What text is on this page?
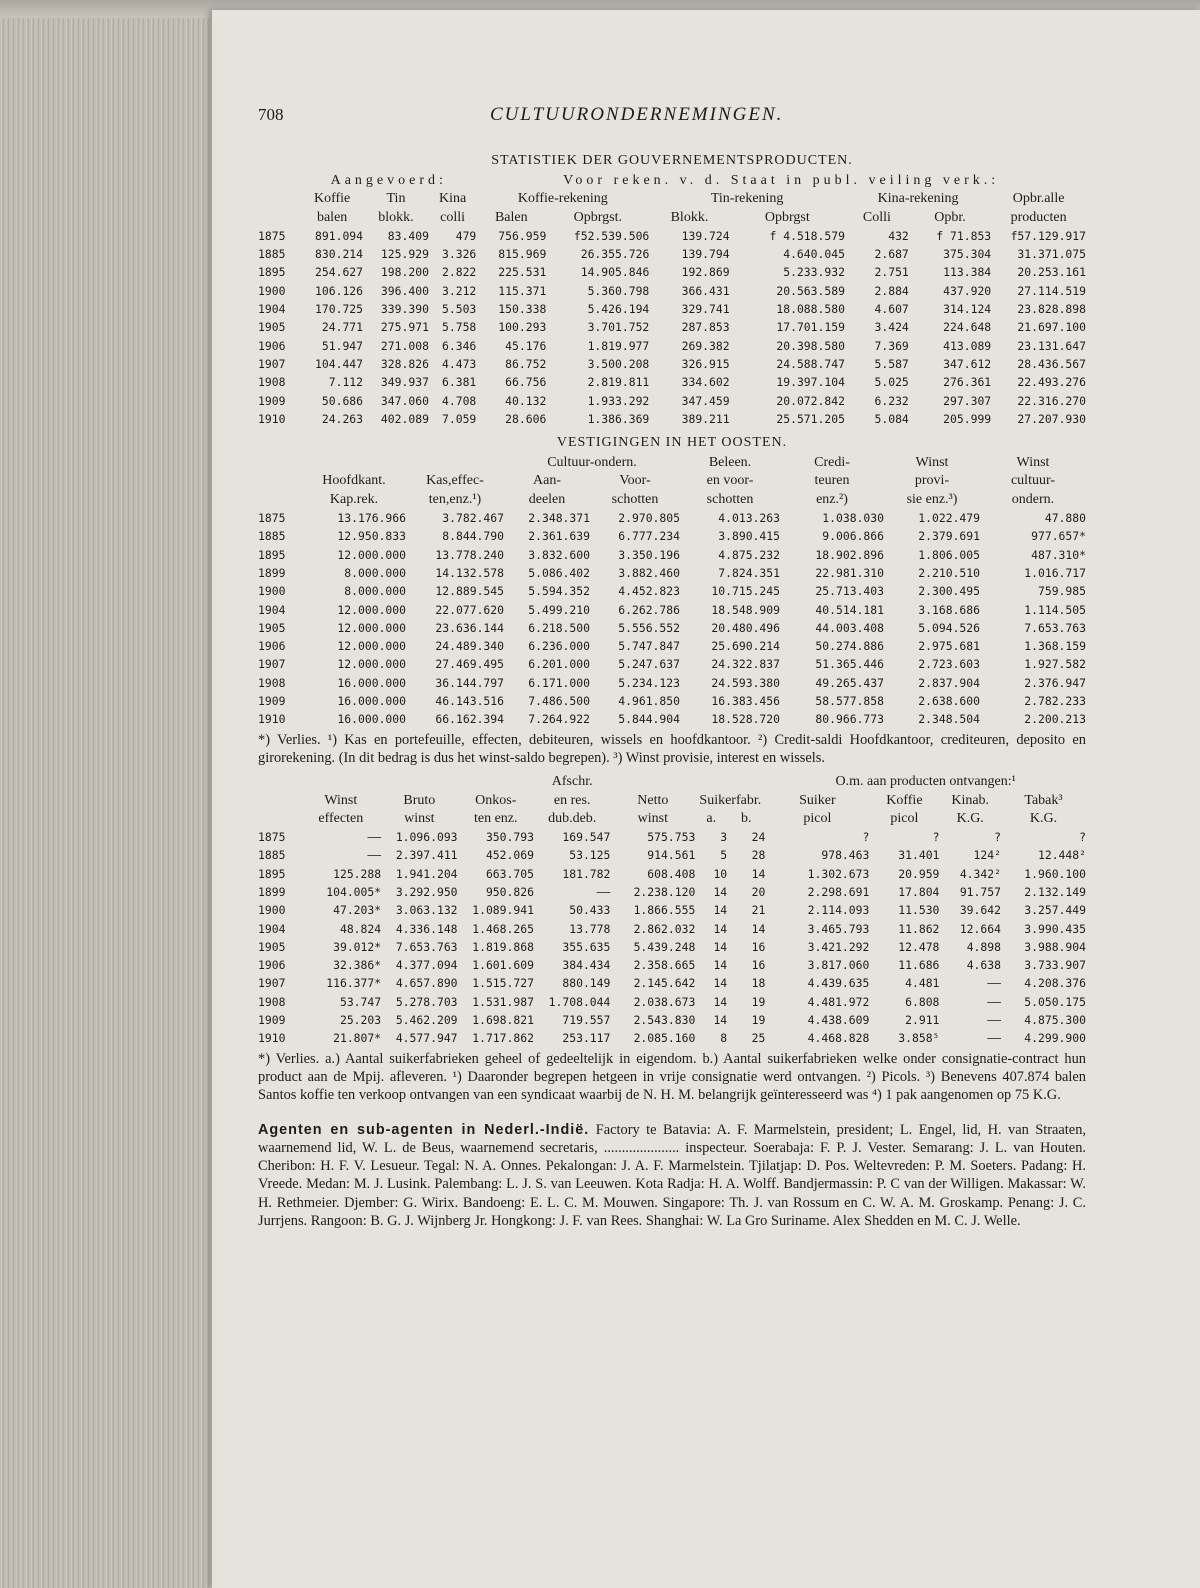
708	CULTUURONDERNEMINGEN.
STATISTIEK DER GOUVERNEMENTSPRODUCTEN.
	Aangevoerd:			Voor reken. v. d. Staat in publ. veiling verk.:						
	Koffie	Tin	Kina	Koffie-rekening		Tin-rekening		Kina-rekening		Opbr.alle
	balen	blokk.	colli	Balen	Opbrgst.	Blokk.	Opbrgst	Colli	Opbr.	producten
1875	891.094	83.409	479	756.959	f52.539.506	139.724	f 4.518.579	432	f 71.853	f57.129.917
1885	830.214	125.929	3.326	815.969	26.355.726	139.794	4.640.045	2.687	375.304	31.371.075
1895	254.627	198.200	2.822	225.531	14.905.846	192.869	5.233.932	2.751	113.384	20.253.161
1900	106.126	396.400	3.212	115.371	5.360.798	366.431	20.563.589	2.884	437.920	27.114.519
1904	170.725	339.390	5.503	150.338	5.426.194	329.741	18.088.580	4.607	314.124	23.828.898
1905	24.771	275.971	5.758	100.293	3.701.752	287.853	17.701.159	3.424	224.648	21.697.100
1906	51.947	271.008	6.346	45.176	1.819.977	269.382	20.398.580	7.369	413.089	23.131.647
1907	104.447	328.826	4.473	86.752	3.500.208	326.915	24.588.747	5.587	347.612	28.436.567
1908	7.112	349.937	6.381	66.756	2.819.811	334.602	19.397.104	5.025	276.361	22.493.276
1909	50.686	347.060	4.708	40.132	1.933.292	347.459	20.072.842	6.232	297.307	22.316.270
1910	24.263	402.089	7.059	28.606	1.386.369	389.211	25.571.205	5.084	205.999	27.207.930
VESTIGINGEN IN HET OOSTEN.
			Cultuur-ondern.		Beleen.	Credi-	Winst	Winst
	Hoofdkant.	Kas,effec-	Aan-	Voor-	en voor-	teuren	provi-	cultuur-
	Kap.rek.	ten,enz.¹)	deelen	schotten	schotten	enz.²)	sie enz.³)	ondern.
1875	13.176.966	3.782.467	2.348.371	2.970.805	4.013.263	1.038.030	1.022.479	47.880
1885	12.950.833	8.844.790	2.361.639	6.777.234	3.890.415	9.006.866	2.379.691	977.657*
1895	12.000.000	13.778.240	3.832.600	3.350.196	4.875.232	18.902.896	1.806.005	487.310*
1899	8.000.000	14.132.578	5.086.402	3.882.460	7.824.351	22.981.310	2.210.510	1.016.717
1900	8.000.000	12.889.545	5.594.352	4.452.823	10.715.245	25.713.403	2.300.495	759.985
1904	12.000.000	22.077.620	5.499.210	6.262.786	18.548.909	40.514.181	3.168.686	1.114.505
1905	12.000.000	23.636.144	6.218.500	5.556.552	20.480.496	44.003.408	5.094.526	7.653.763
1906	12.000.000	24.489.340	6.236.000	5.747.847	25.690.214	50.274.886	2.975.681	1.368.159
1907	12.000.000	27.469.495	6.201.000	5.247.637	24.322.837	51.365.446	2.723.603	1.927.582
1908	16.000.000	36.144.797	6.171.000	5.234.123	24.593.380	49.265.437	2.837.904	2.376.947
1909	16.000.000	46.143.516	7.486.500	4.961.850	16.383.456	58.577.858	2.638.600	2.782.233
1910	16.000.000	66.162.394	7.264.922	5.844.904	18.528.720	80.966.773	2.348.504	2.200.213

*) Verlies. ¹) Kas en portefeuille, effecten, debiteuren, wissels en hoofdkantoor. ²) Credit-saldi Hoofdkantoor, crediteuren, deposito en girorekening. (In dit bedrag is dus het winst-saldo begrepen). ³) Winst provisie, interest en wissels.

				Afschr.				O.m. aan producten ontvangen:¹			
	Winst	Bruto	Onkos-	en res.	Netto	Suikerfabr.		Suiker	Koffie	Kinab.	Tabak³
	effecten	winst	ten enz.	dub.deb.	winst	a.	b.	picol	picol	K.G.	K.G.
1875	——	1.096.093	350.793	169.547	575.753	3	24	?	?	?	?
1885	——	2.397.411	452.069	53.125	914.561	5	28	978.463	31.401	124²	12.448²
1895	125.288	1.941.204	663.705	181.782	608.408	10	14	1.302.673	20.959	4.342²	1.960.100
1899	104.005*	3.292.950	950.826	——	2.238.120	14	20	2.298.691	17.804	91.757	2.132.149
1900	47.203*	3.063.132	1.089.941	50.433	1.866.555	14	21	2.114.093	11.530	39.642	3.257.449
1904	48.824	4.336.148	1.468.265	13.778	2.862.032	14	14	3.465.793	11.862	12.664	3.990.435
1905	39.012*	7.653.763	1.819.868	355.635	5.439.248	14	16	3.421.292	12.478	4.898	3.988.904
1906	32.386*	4.377.094	1.601.609	384.434	2.358.665	14	16	3.817.060	11.686	4.638	3.733.907
1907	116.377*	4.657.890	1.515.727	880.149	2.145.642	14	18	4.439.635	4.481	——	4.208.376
1908	53.747	5.278.703	1.531.987	1.708.044	2.038.673	14	19	4.481.972	6.808	——	5.050.175
1909	25.203	5.462.209	1.698.821	719.557	2.543.830	14	19	4.438.609	2.911	——	4.875.300
1910	21.807*	4.577.947	1.717.862	253.117	2.085.160	8	25	4.468.828	3.858⁵	——	4.299.900

*) Verlies. a.) Aantal suikerfabrieken geheel of gedeeltelijk in eigendom. b.) Aantal suikerfabrieken welke onder consignatie-contract hun product aan de Mpij. afleveren. ¹) Daaronder begrepen hetgeen in vrije consignatie werd ontvangen. ²) Picols. ³) Benevens 407.874 balen Santos koffie ten verkoop ontvangen van een syndicaat waarbij de N. H. M. belangrijk geïnteresseerd was ⁴) 1 pak aangenomen op 75 K.G.

Agenten en sub-agenten in Nederl.-Indië. Factory te Batavia: A. F. Marmelstein, president; L. Engel, lid, H. van Straaten, waarnemend lid, W. L. de Beus, waarnemend secretaris, ..................... inspecteur. Soerabaja: F. P. J. Vester. Semarang: J. L. van Houten. Cheribon: H. F. V. Lesueur. Tegal: N. A. Onnes. Pekalongan: J. A. F. Marmelstein. Tjilatjap: D. Pos. Weltevreden: P. M. Soeters. Padang: H. Vreede. Medan: M. J. Lusink. Palembang: L. J. S. van Leeuwen. Kota Radja: H. A. Wolff. Bandjermassin: P. C van der Willigen. Makassar: W. H. Rethmeier. Djember: G. Wirix. Bandoeng: E. L. C. M. Mouwen. Singapore: Th. J. van Rossum en C. W. A. M. Groskamp. Penang: J. C. Jurrjens. Rangoon: B. G. J. Wijnberg Jr. Hongkong: J. F. van Rees. Shanghai: W. La Gro Suriname. Alex Shedden en M. C. J. Welle.
